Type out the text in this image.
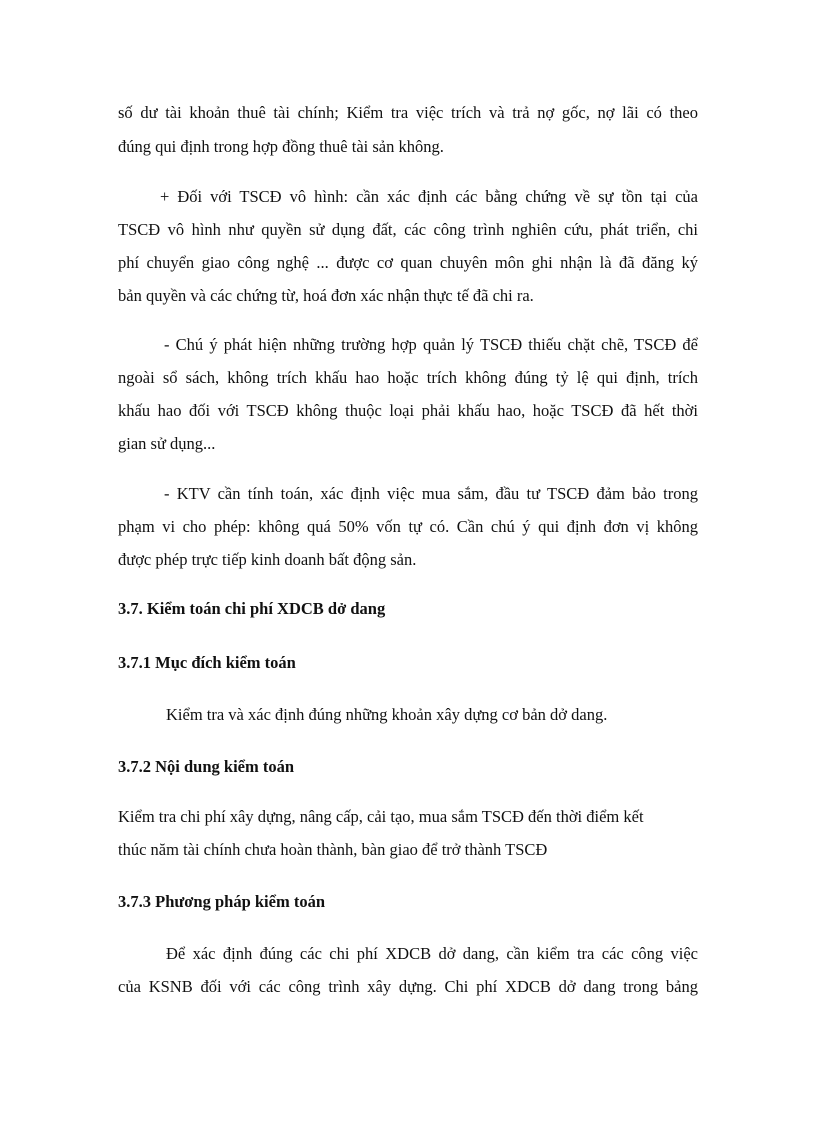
số dư tài khoản thuê tài chính; Kiểm tra việc trích và trả nợ gốc, nợ lãi có theo
đúng qui định trong hợp đồng thuê tài sản không.
+ Đối với TSCĐ vô hình: cần xác định các bằng chứng về sự tồn tại của
TSCĐ vô hình như quyền sử dụng đất, các công trình nghiên cứu, phát triển, chi
phí chuyển giao công nghệ ... được cơ quan chuyên môn ghi nhận là đã đăng ký
bản quyền và các chứng từ, hoá đơn xác nhận thực tế đã chi ra.
- Chú ý phát hiện những trường hợp quản lý TSCĐ thiếu chặt chẽ, TSCĐ để
ngoài sổ sách, không trích khấu hao hoặc trích không đúng tỷ lệ qui định, trích
khấu hao đối với TSCĐ không thuộc loại phải khấu hao, hoặc TSCĐ đã hết thời
gian sử dụng...
- KTV cần tính toán, xác định việc mua sắm, đầu tư TSCĐ đảm bảo trong
phạm vi cho phép: không quá 50% vốn tự có. Cần chú ý qui định đơn vị không
được phép trực tiếp kinh doanh bất động sản.
3.7. Kiểm toán chi phí XDCB dở dang
3.7.1 Mục đích kiểm toán
Kiểm tra và xác định đúng những khoản xây dựng cơ bản dở dang.
3.7.2 Nội dung kiểm toán
Kiểm tra chi phí xây dựng, nâng cấp, cải tạo, mua sắm TSCĐ đến thời điểm kết
thúc năm tài chính chưa hoàn thành, bàn giao để trở thành TSCĐ
3.7.3 Phương pháp kiểm toán
Để xác định đúng các chi phí XDCB dở dang, cần kiểm tra các công việc
của KSNB đối với các công trình xây dựng. Chi phí XDCB dở dang trong bảng
